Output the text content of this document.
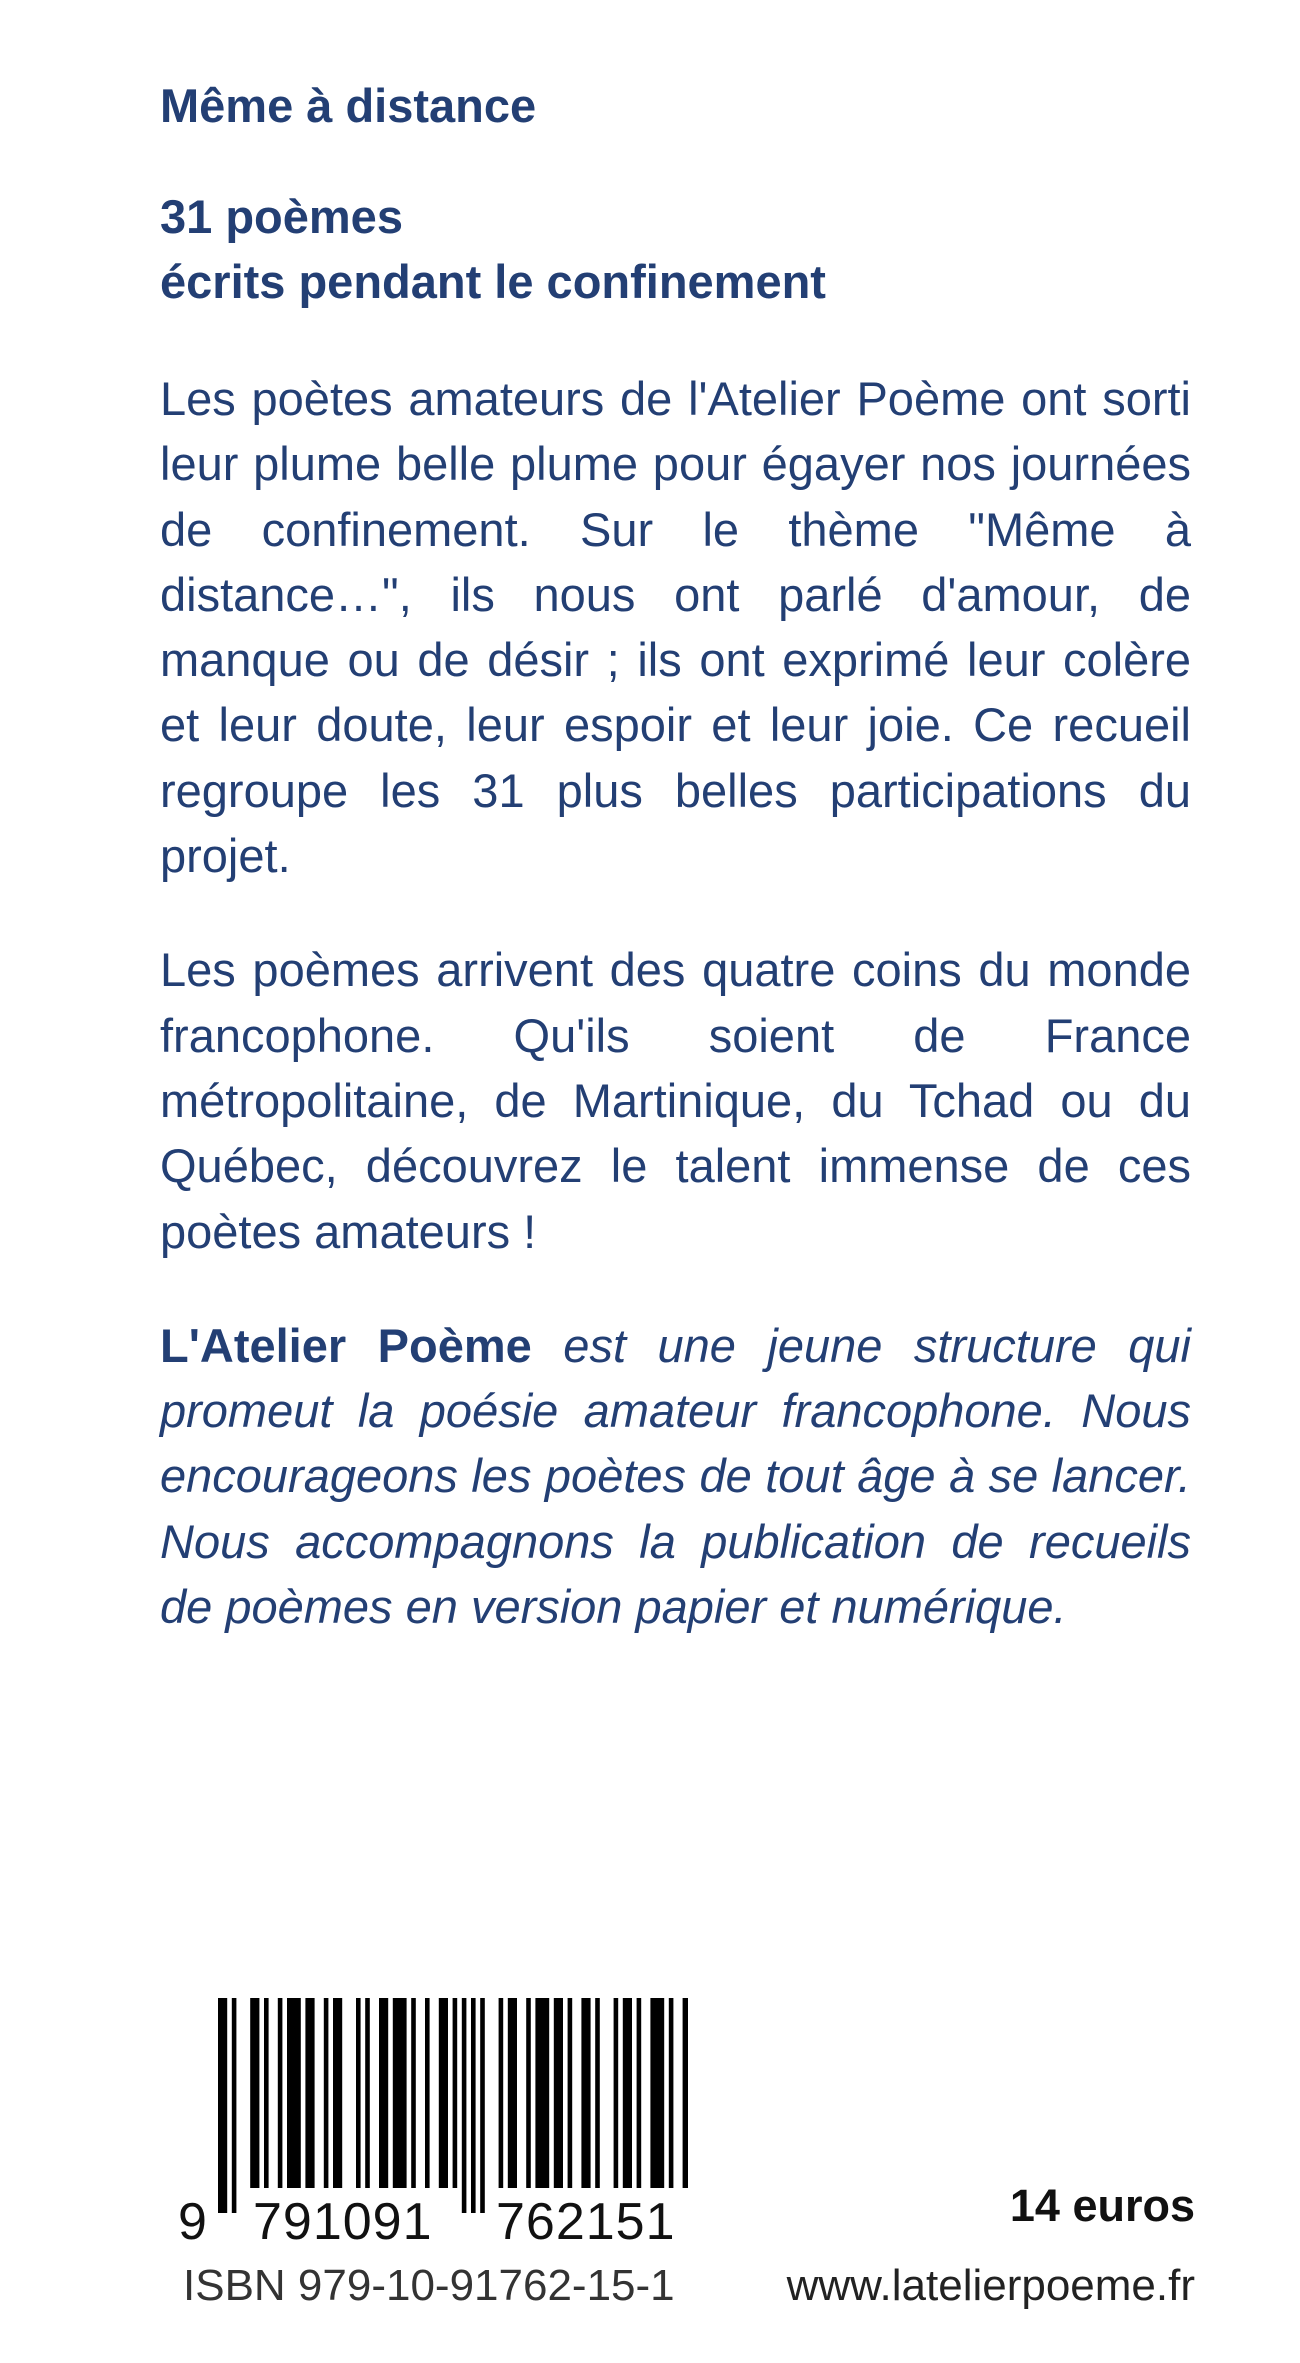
Même à distance
31 poèmes
écrits pendant le confinement

Les poètes amateurs de l'Atelier Poème ont sorti leur plume belle plume pour égayer nos journées de confinement. Sur le thème "Même à distance…", ils nous ont parlé d'amour, de manque ou de désir ; ils ont exprimé leur colère et leur doute, leur espoir et leur joie. Ce recueil regroupe les 31 plus belles participations du projet.

Les poèmes arrivent des quatre coins du monde francophone. Qu'ils soient de France métropolitaine, de Martinique, du Tchad ou du Québec, découvrez le talent immense de ces poètes amateurs !

L'Atelier Poème est une jeune structure qui promeut la poésie amateur francophone. Nous encourageons les poètes de tout âge à se lancer. Nous accompagnons la publication de recueils de poèmes en version papier et numérique.

9 791091 762151
ISBN 979-10-91762-15-1
14 euros
www.latelierpoeme.fr
